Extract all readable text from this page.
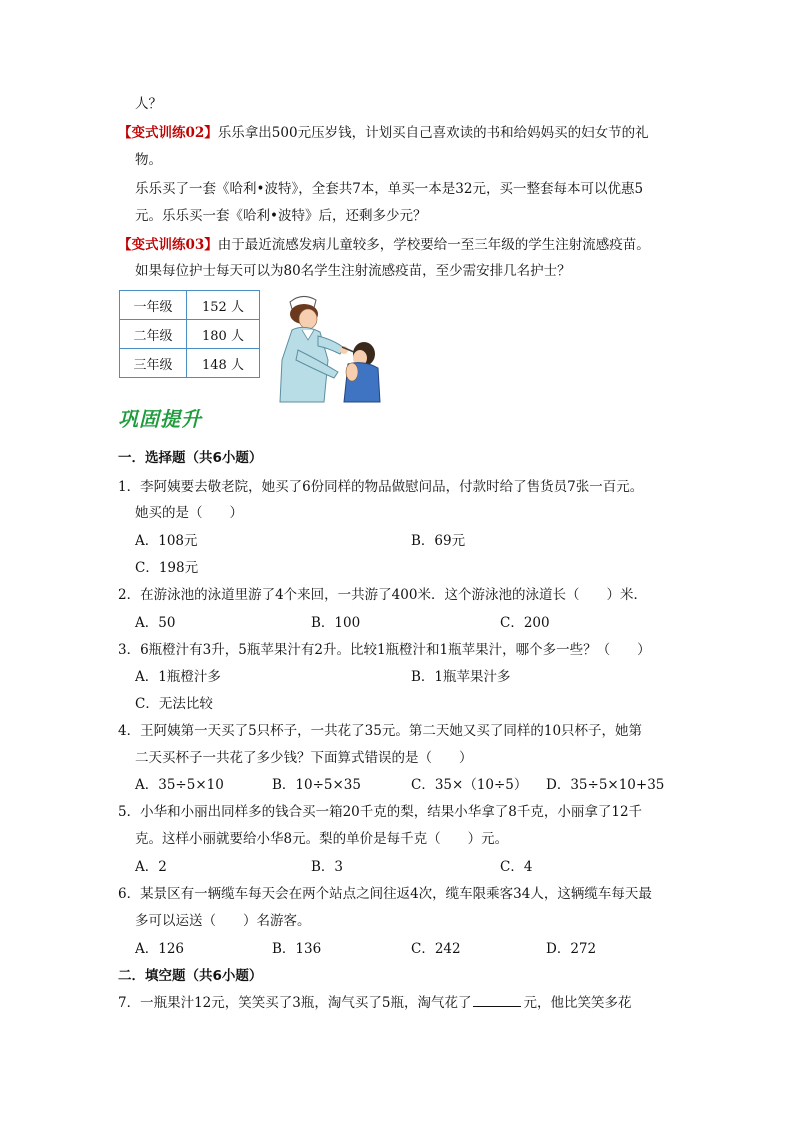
人？
【变式训练02】乐乐拿出500元压岁钱，计划买自己喜欢读的书和给妈妈买的妇女节的礼
物。
乐乐买了一套《哈利•波特》，全套共7本，单买一本是32元，买一整套每本可以优惠5
元。乐乐买一套《哈利•波特》后，还剩多少元？
【变式训练03】由于最近流感发病儿童较多，学校要给一至三年级的学生注射流感疫苗。
如果每位护士每天可以为80名学生注射流感疫苗，至少需安排几名护士？
一年级	152 人
二年级	180 人
三年级	148 人
巩固提升
一．选择题（共6小题）
1．李阿姨要去敬老院，她买了6份同样的物品做慰问品，付款时给了售货员7张一百元。
她买的是（　　）
A．108元	B．69元
C．198元
2．在游泳池的泳道里游了4个来回，一共游了400米．这个游泳池的泳道长（　　）米．
A．50	B．100	C．200
3．6瓶橙汁有3升，5瓶苹果汁有2升。比较1瓶橙汁和1瓶苹果汁，哪个多一些？（　　）
A．1瓶橙汁多	B．1瓶苹果汁多
C．无法比较
4．王阿姨第一天买了5只杯子，一共花了35元。第二天她又买了同样的10只杯子，她第
二天买杯子一共花了多少钱？下面算式错误的是（　　）
A．35÷5×10	B．10÷5×35	C．35×（10÷5） D．35÷5×10+35
5．小华和小丽出同样多的钱合买一箱20千克的梨，结果小华拿了8千克，小丽拿了12千
克。这样小丽就要给小华8元。梨的单价是每千克（　　）元。
A．2	B．3	C．4
6．某景区有一辆缆车每天会在两个站点之间往返4次，缆车限乘客34人，这辆缆车每天最
多可以运送（　　）名游客。
A．126	B．136	C．242	D．272
二．填空题（共6小题）
7．一瓶果汁12元，笑笑买了3瓶，淘气买了5瓶，淘气花了	元，他比笑笑多花
